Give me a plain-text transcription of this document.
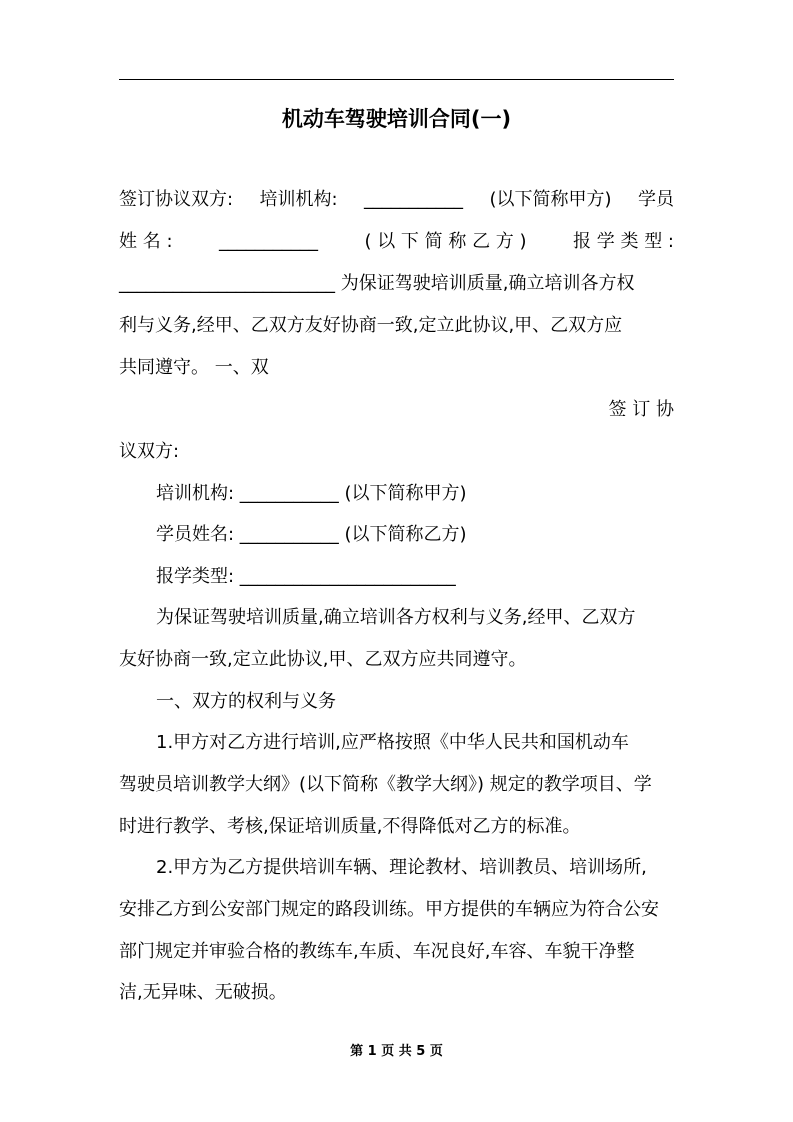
机动车驾驶培训合同(一)
签订协议双方: 培训机构: ___________ (以下简称甲方) 学员
姓 名 :	___________	( 以 下 简 称 乙 方 )	报 学 类 型 :
________________________ 为保证驾驶培训质量,确立培训各方权
利与义务,经甲、乙双方友好协商一致,定立此协议,甲、乙双方应
共同遵守。 一、双
签 订 协
议双方:
培训机构: ___________ (以下简称甲方)
学员姓名: ___________ (以下简称乙方)
报学类型: ________________________
为保证驾驶培训质量,确立培训各方权利与义务,经甲、乙双方
友好协商一致,定立此协议,甲、乙双方应共同遵守。
一、双方的权利与义务
1.甲方对乙方进行培训,应严格按照《中华人民共和国机动车
驾驶员培训教学大纲》(以下简称《教学大纲》) 规定的教学项目、学
时进行教学、考核,保证培训质量,不得降低对乙方的标准。
2.甲方为乙方提供培训车辆、理论教材、培训教员、培训场所,
安排乙方到公安部门规定的路段训练。甲方提供的车辆应为符合公安
部门规定并审验合格的教练车,车质、车况良好,车容、车貌干净整
洁,无异味、无破损。
第 1 页 共 5 页
